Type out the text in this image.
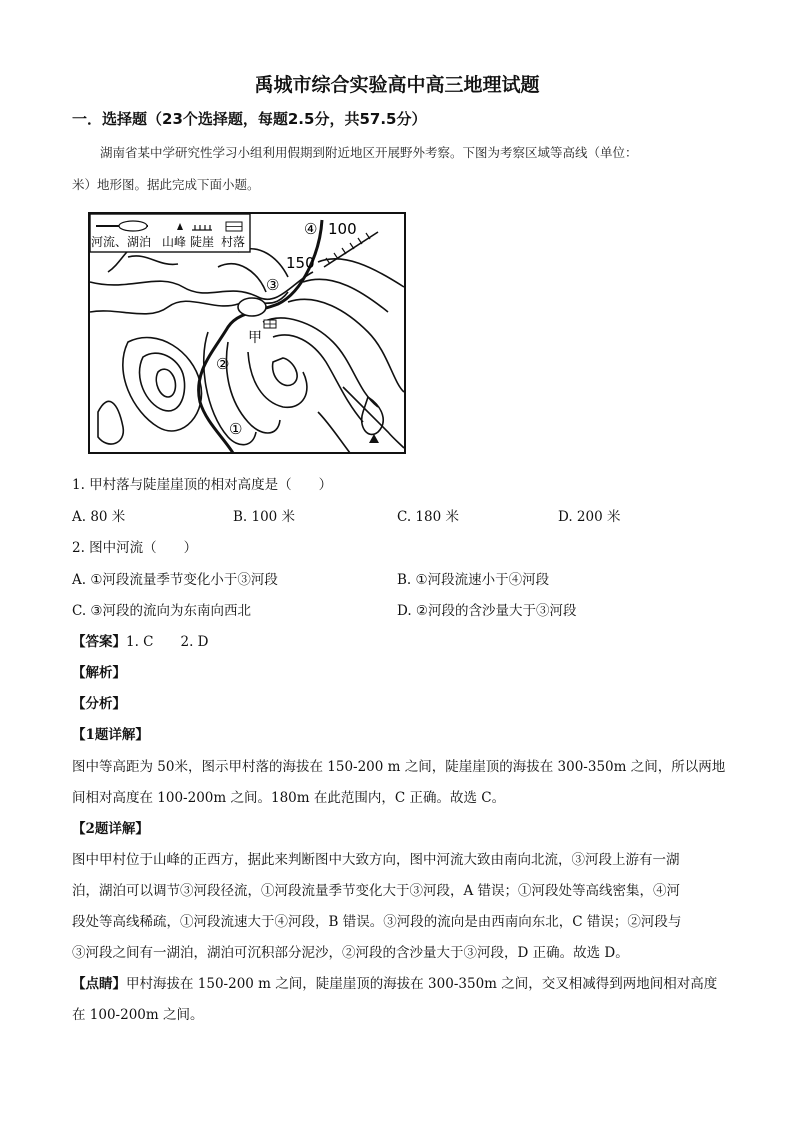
禹城市综合实验高中高三地理试题
一．选择题（23个选择题，每题2.5分，共57.5分）
湖南省某中学研究性学习小组利用假期到附近地区开展野外考察。下图为考察区域等高线（单位：
米）地形图。据此完成下面小题。
河流、湖泊 山峰 陡崖 村落
100
150
④
③
②
①
甲
1. 甲村落与陡崖崖顶的相对高度是（　　）
A. 80 米	B. 100 米	C. 180 米	D. 200 米
2. 图中河流（　　）
A. ①河段流量季节变化小于③河段	B. ①河段流速小于④河段
C. ③河段的流向为东南向西北	D. ②河段的含沙量大于③河段
【答案】1. C　　2. D
【解析】
【分析】
【1题详解】
图中等高距为 50米，图示甲村落的海拔在 150-200 m 之间，陡崖崖顶的海拔在 300-350m 之间，所以两地
间相对高度在 100-200m 之间。180m 在此范围内，C 正确。故选 C。
【2题详解】
图中甲村位于山峰的正西方，据此来判断图中大致方向，图中河流大致由南向北流，③河段上游有一湖
泊，湖泊可以调节③河段径流，①河段流量季节变化大于③河段，A 错误；①河段处等高线密集，④河
段处等高线稀疏，①河段流速大于④河段，B 错误。③河段的流向是由西南向东北，C 错误；②河段与
③河段之间有一湖泊，湖泊可沉积部分泥沙，②河段的含沙量大于③河段，D 正确。故选 D。
【点睛】甲村海拔在 150-200 m 之间，陡崖崖顶的海拔在 300-350m 之间，交叉相减得到两地间相对高度
在 100-200m 之间。
